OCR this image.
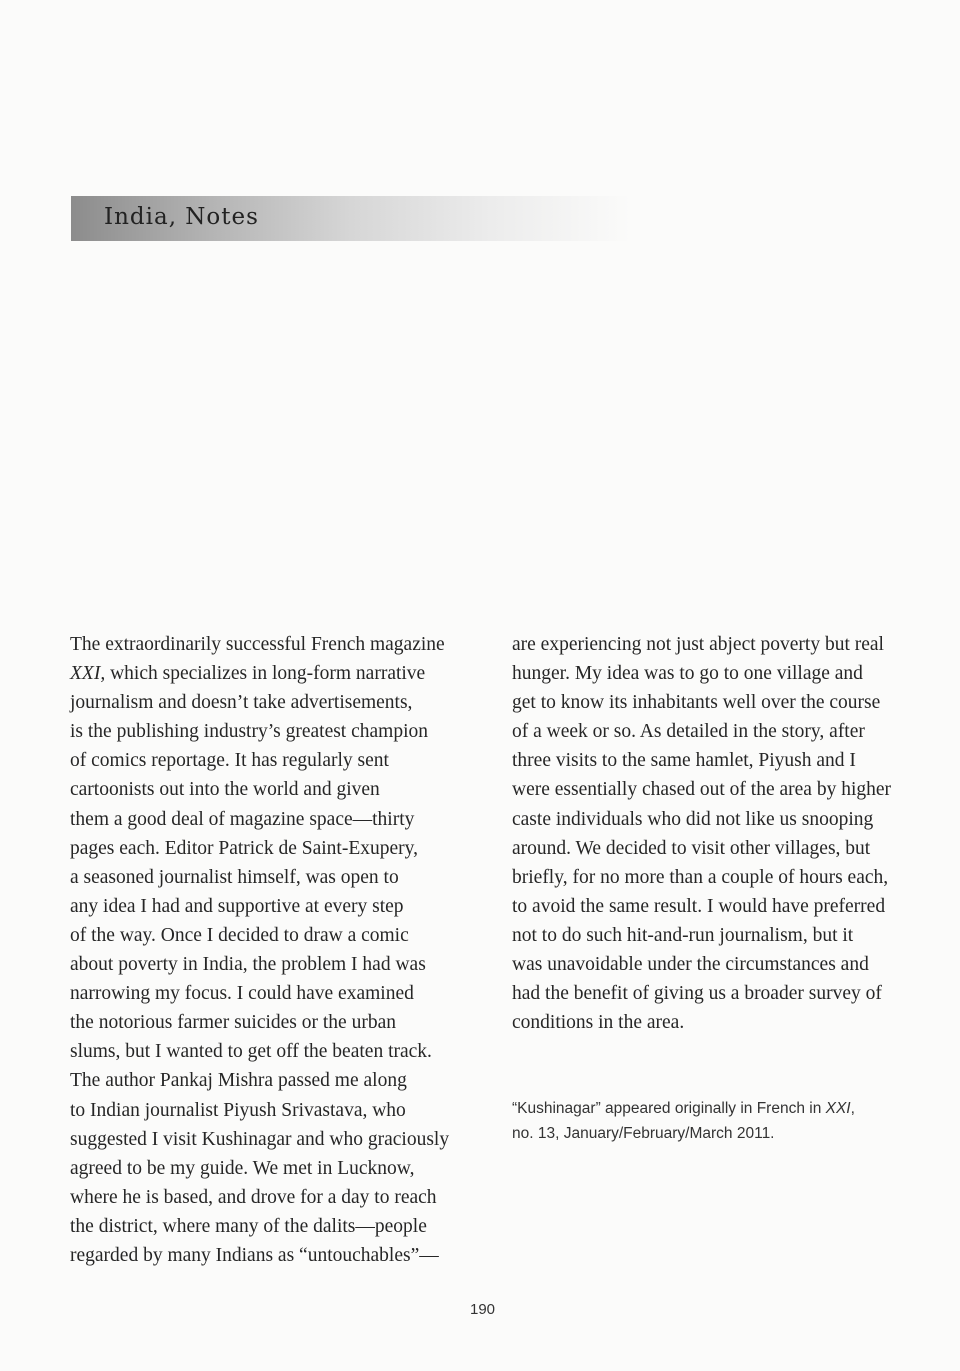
India, Notes
The extraordinarily successful French magazine
XXI, which specializes in long-form narrative
journalism and doesn’t take advertisements,
is the publishing industry’s greatest champion
of comics reportage. It has regularly sent
cartoonists out into the world and given
them a good deal of magazine space—thirty
pages each. Editor Patrick de Saint-Exupery,
a seasoned journalist himself, was open to
any idea I had and supportive at every step
of the way. Once I decided to draw a comic
about poverty in India, the problem I had was
narrowing my focus. I could have examined
the notorious farmer suicides or the urban
slums, but I wanted to get off the beaten track.
The author Pankaj Mishra passed me along
to Indian journalist Piyush Srivastava, who
suggested I visit Kushinagar and who graciously
agreed to be my guide. We met in Lucknow,
where he is based, and drove for a day to reach
the district, where many of the dalits—people
regarded by many Indians as “untouchables”—
are experiencing not just abject poverty but real
hunger. My idea was to go to one village and
get to know its inhabitants well over the course
of a week or so. As detailed in the story, after
three visits to the same hamlet, Piyush and I
were essentially chased out of the area by higher
caste individuals who did not like us snooping
around. We decided to visit other villages, but
briefly, for no more than a couple of hours each,
to avoid the same result. I would have preferred
not to do such hit-and-run journalism, but it
was unavoidable under the circumstances and
had the benefit of giving us a broader survey of
conditions in the area.
“Kushinagar” appeared originally in French in XXI,
no. 13, January/February/March 2011.
190
